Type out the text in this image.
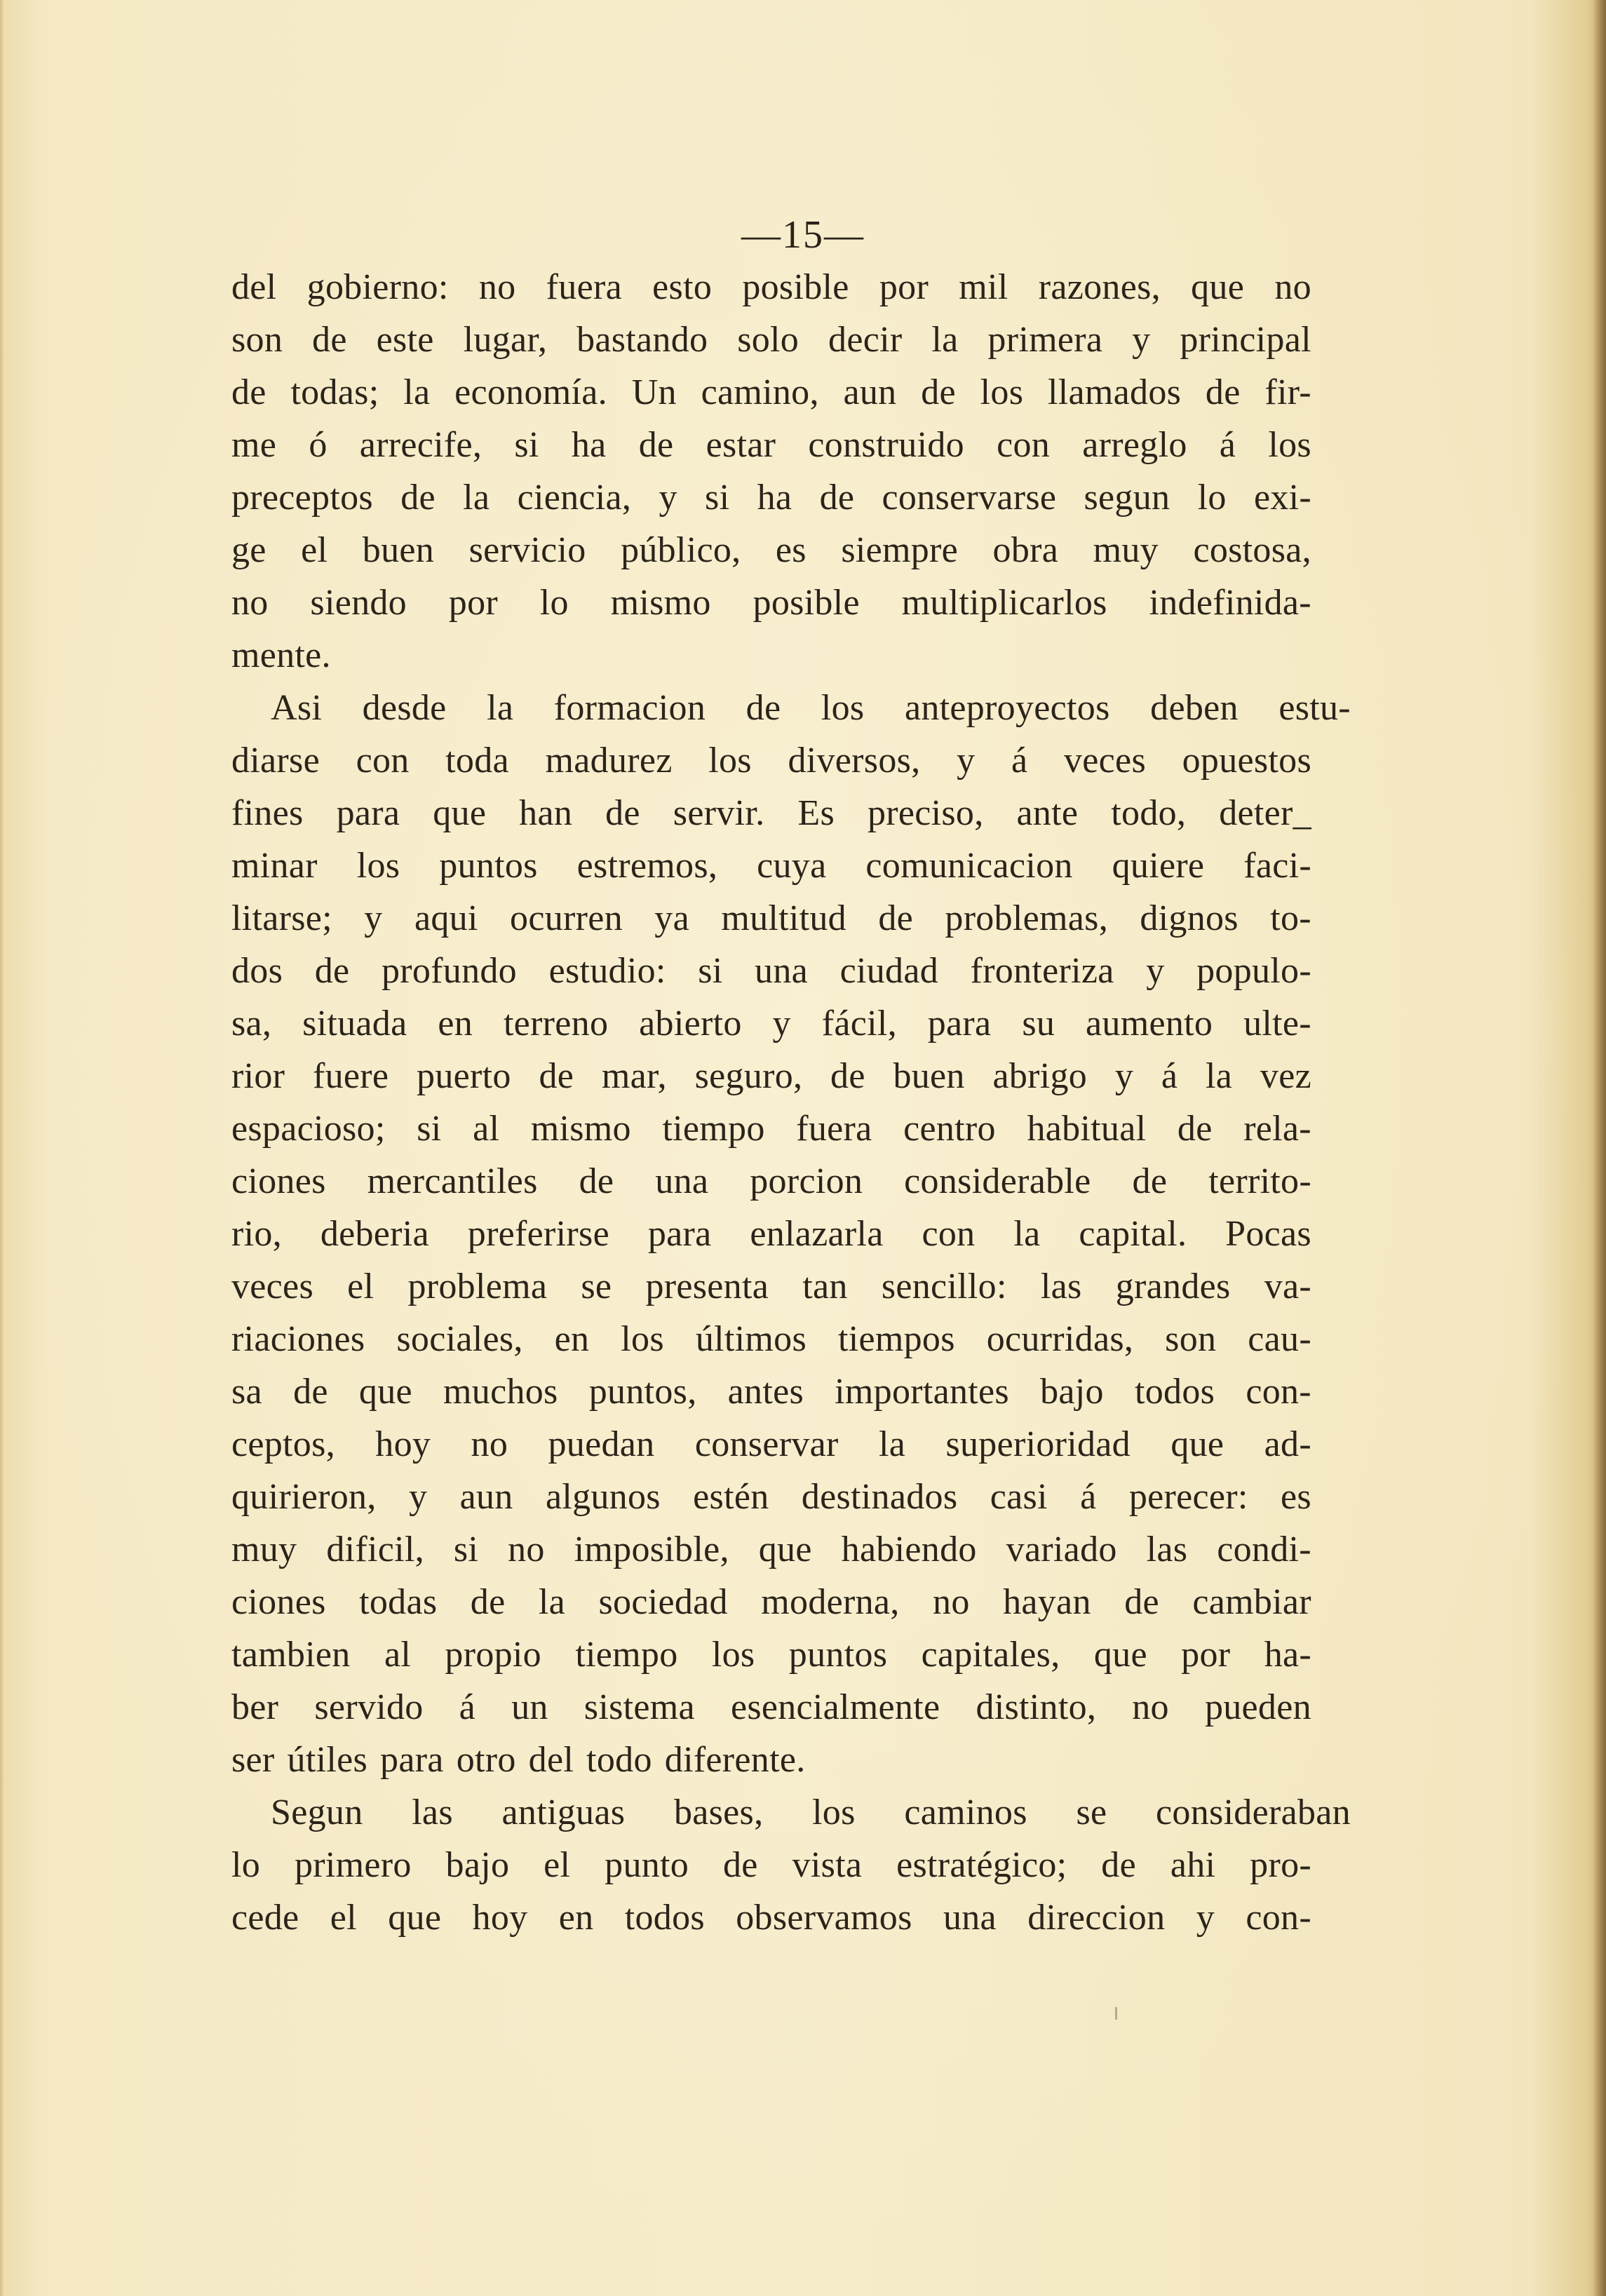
—15—
del gobierno: no fuera esto posible por mil razones, que no
son de este lugar, bastando solo decir la primera y principal
de todas; la economía. Un camino, aun de los llamados de fir-
me ó arrecife, si ha de estar construido con arreglo á los
preceptos de la ciencia, y si ha de conservarse segun lo exi-
ge el buen servicio público, es siempre obra muy costosa,
no siendo por lo mismo posible multiplicarlos indefinida-
mente.
Asi desde la formacion de los anteproyectos deben estu-
diarse con toda madurez los diversos, y á veces opuestos
fines para que han de servir. Es preciso, ante todo, deter_
minar los puntos estremos, cuya comunicacion quiere faci-
litarse; y aqui ocurren ya multitud de problemas, dignos to-
dos de profundo estudio: si una ciudad fronteriza y populo-
sa, situada en terreno abierto y fácil, para su aumento ulte-
rior fuere puerto de mar, seguro, de buen abrigo y á la vez
espacioso; si al mismo tiempo fuera centro habitual de rela-
ciones mercantiles de una porcion considerable de territo-
rio, deberia preferirse para enlazarla con la capital. Pocas
veces el problema se presenta tan sencillo: las grandes va-
riaciones sociales, en los últimos tiempos ocurridas, son cau-
sa de que muchos puntos, antes importantes bajo todos con-
ceptos, hoy no puedan conservar la superioridad que ad-
quirieron, y aun algunos estén destinados casi á perecer: es
muy dificil, si no imposible, que habiendo variado las condi-
ciones todas de la sociedad moderna, no hayan de cambiar
tambien al propio tiempo los puntos capitales, que por ha-
ber servido á un sistema esencialmente distinto, no pueden
ser útiles para otro del todo diferente.
Segun las antiguas bases, los caminos se consideraban
lo primero bajo el punto de vista estratégico; de ahi pro-
cede el que hoy en todos observamos una direccion y con-
